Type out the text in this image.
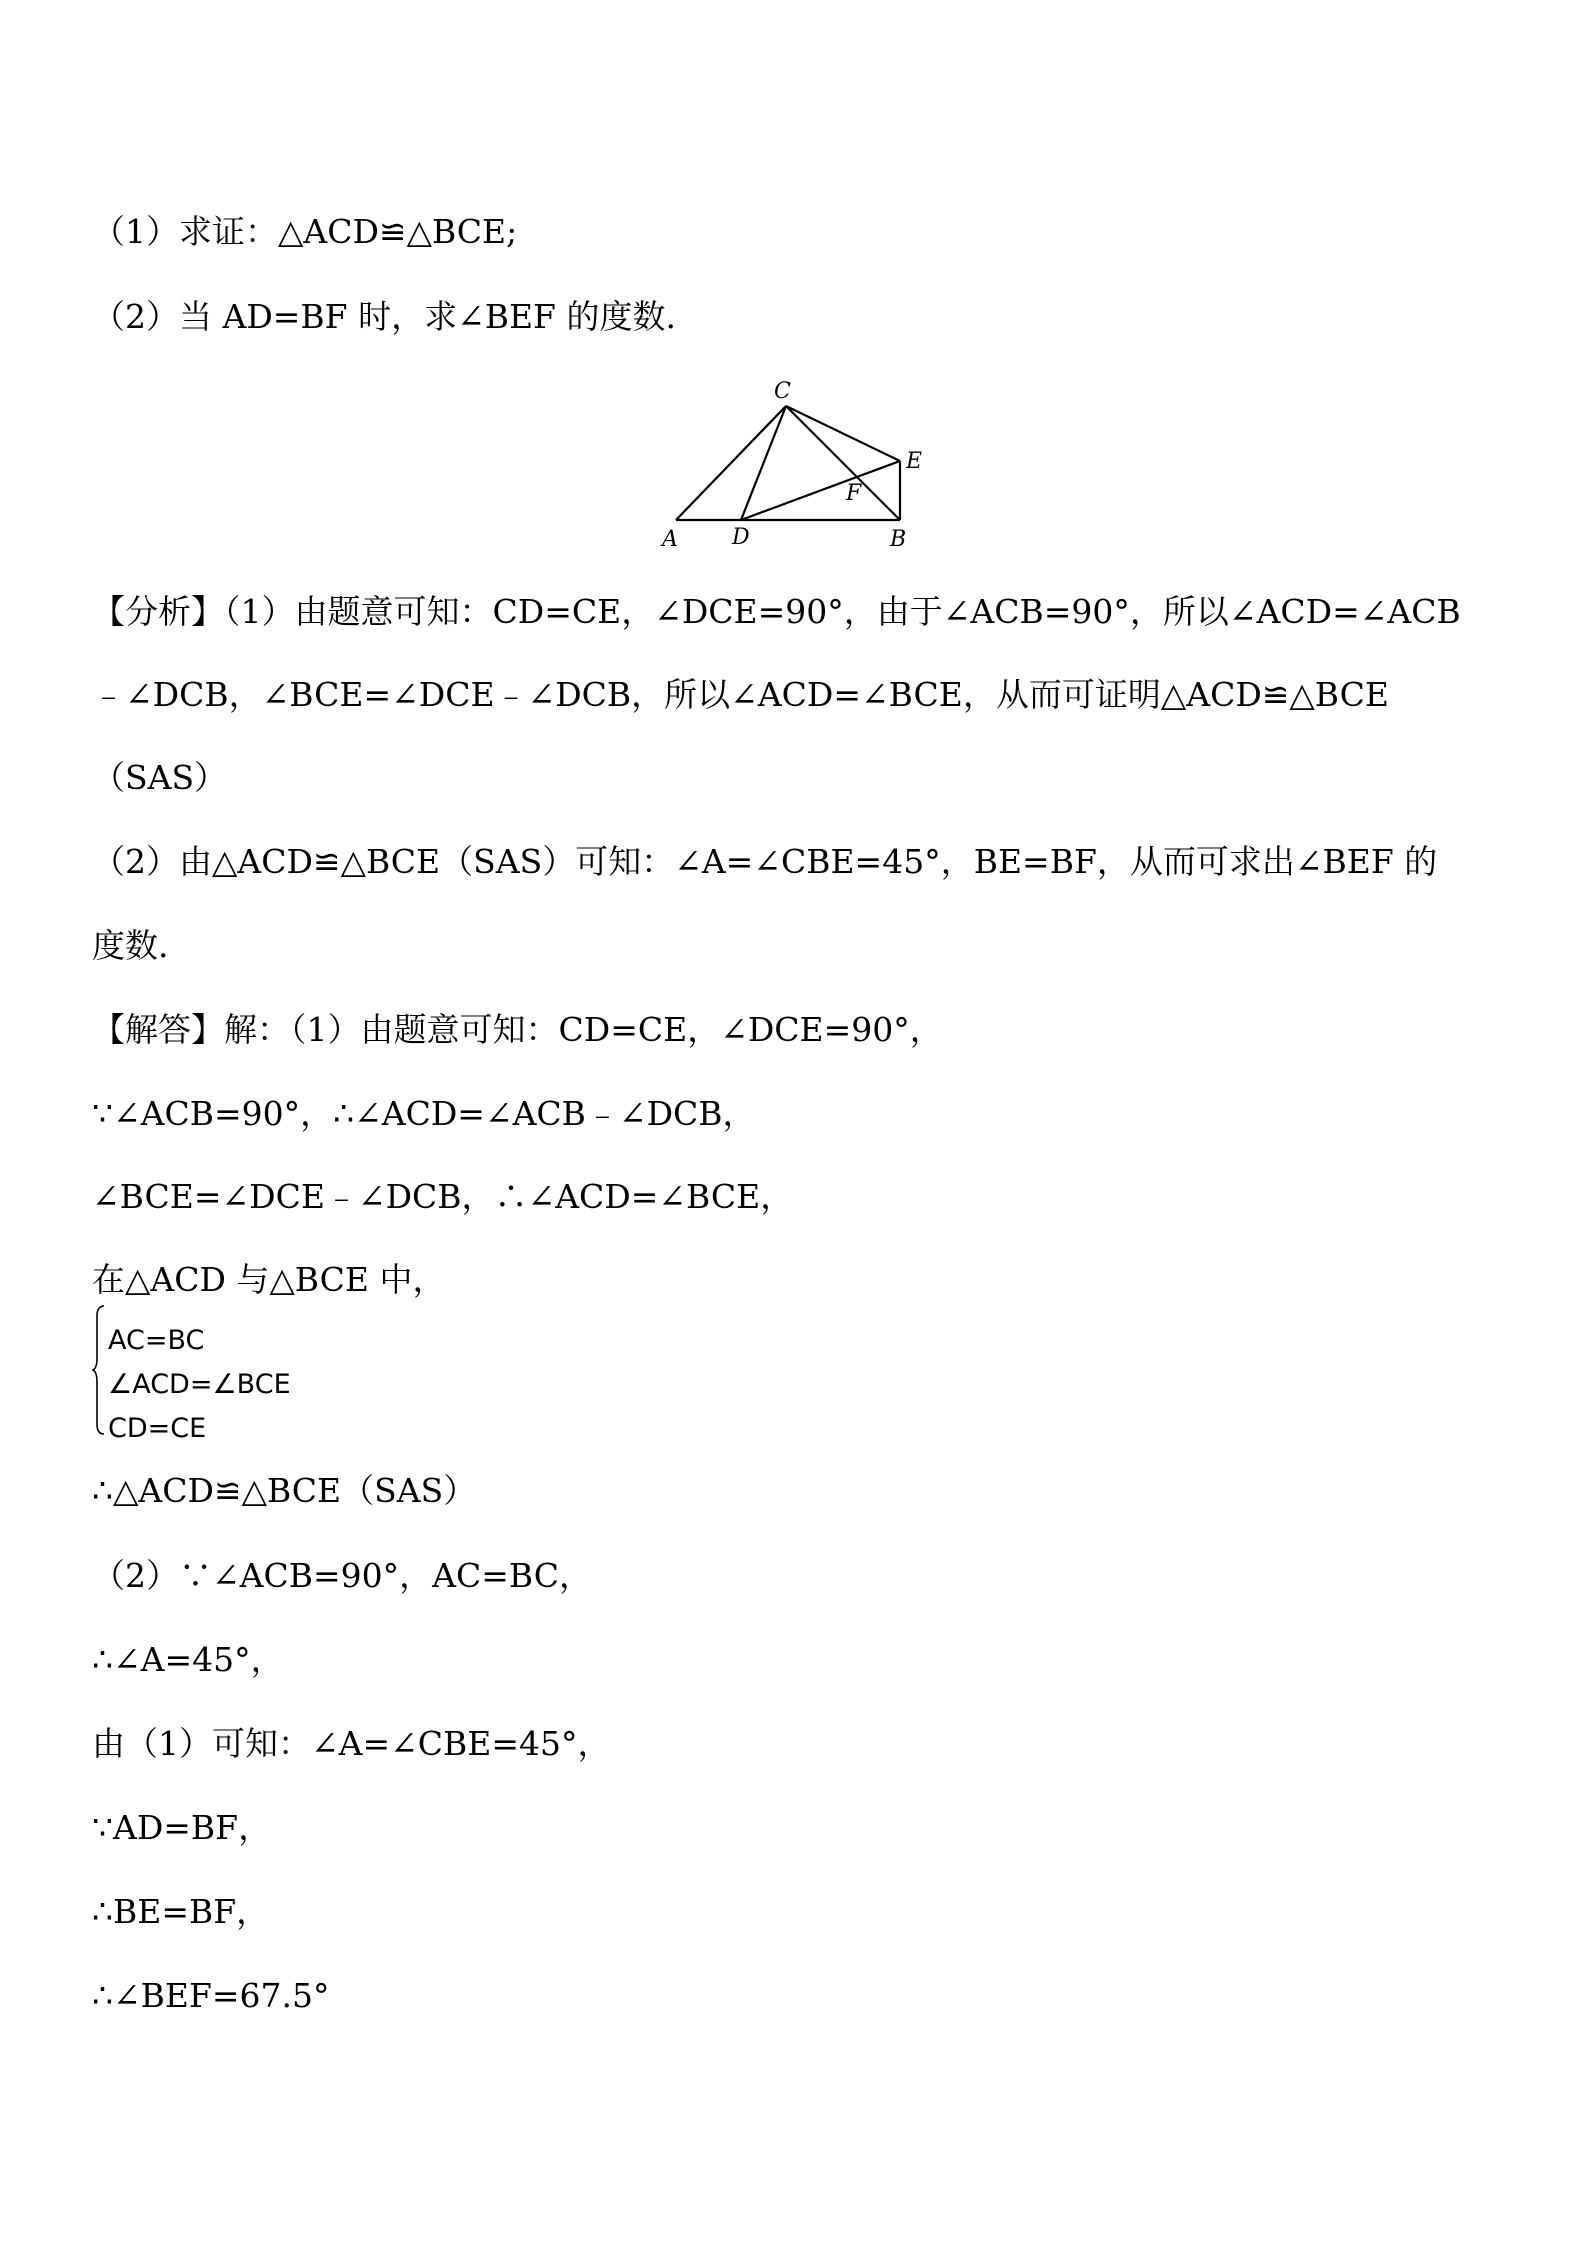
（1）求证：△ACD≌△BCE;
（2）当 AD=BF 时，求∠BEF 的度数.
A D	B
C
E
F
【分析】（1）由题意可知：CD=CE，∠DCE=90°，由于∠ACB=90°，所以∠ACD=∠ACB
﹣∠DCB，∠BCE=∠DCE﹣∠DCB，所以∠ACD=∠BCE，从而可证明△ACD≌△BCE
（SAS）
（2）由△ACD≌△BCE（SAS）可知：∠A=∠CBE=45°，BE=BF，从而可求出∠BEF 的
度数.
【解答】解：（1）由题意可知：CD=CE，∠DCE=90°，
∵∠ACB=90°，∴∠ACD=∠ACB﹣∠DCB，
∠BCE=∠DCE﹣∠DCB，∴∠ACD=∠BCE，
在△ACD 与△BCE 中，
AC=BC
∠ACD=∠BCE
CD=CE
∴△ACD≌△BCE（SAS）
（2）∵∠ACB=90°，AC=BC，
∴∠A=45°，
由（1）可知：∠A=∠CBE=45°，
∵AD=BF，
∴BE=BF，
∴∠BEF=67.5°
